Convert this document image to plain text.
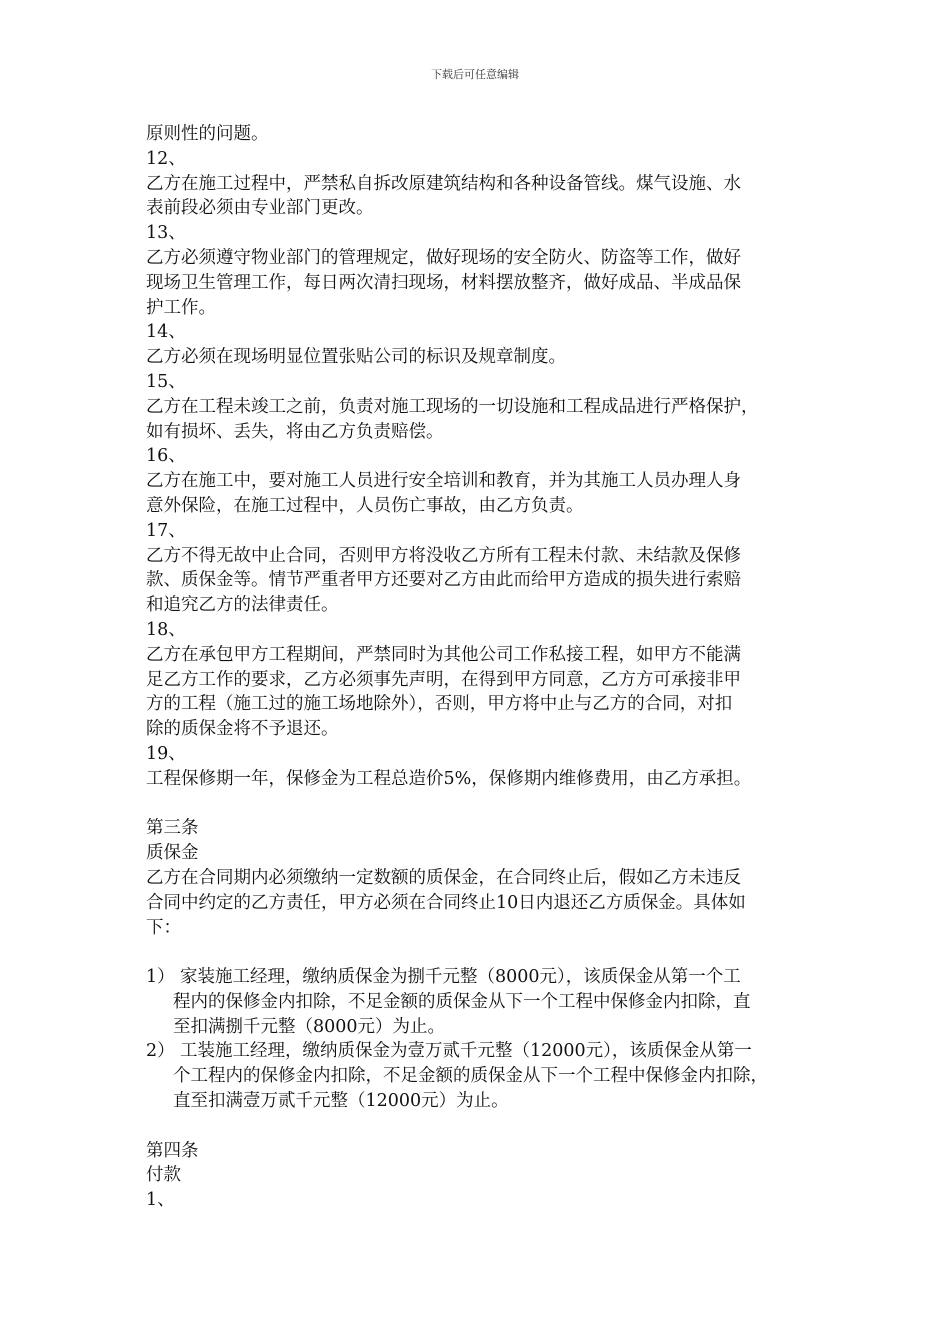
下载后可任意编辑
原则性的问题。
12、
乙方在施工过程中，严禁私自拆改原建筑结构和各种设备管线。煤气设施、水
表前段必须由专业部门更改。
13、
乙方必须遵守物业部门的管理规定，做好现场的安全防火、防盗等工作，做好
现场卫生管理工作，每日两次清扫现场，材料摆放整齐，做好成品、半成品保
护工作。
14、
乙方必须在现场明显位置张贴公司的标识及规章制度。
15、
乙方在工程未竣工之前，负责对施工现场的一切设施和工程成品进行严格保护，
如有损坏、丢失，将由乙方负责赔偿。
16、
乙方在施工中，要对施工人员进行安全培训和教育，并为其施工人员办理人身
意外保险，在施工过程中，人员伤亡事故，由乙方负责。
17、
乙方不得无故中止合同，否则甲方将没收乙方所有工程未付款、未结款及保修
款、质保金等。情节严重者甲方还要对乙方由此而给甲方造成的损失进行索赔
和追究乙方的法律责任。
18、
乙方在承包甲方工程期间，严禁同时为其他公司工作私接工程，如甲方不能满
足乙方工作的要求，乙方必须事先声明，在得到甲方同意，乙方方可承接非甲
方的工程（施工过的施工场地除外），否则，甲方将中止与乙方的合同，对扣
除的质保金将不予退还。
19、
工程保修期一年，保修金为工程总造价5%，保修期内维修费用，由乙方承担。
第三条
质保金
乙方在合同期内必须缴纳一定数额的质保金，在合同终止后，假如乙方未违反
合同中约定的乙方责任，甲方必须在合同终止10日内退还乙方质保金。具体如
下：
1） 家装施工经理，缴纳质保金为捌千元整（8000元），该质保金从第一个工
程内的保修金内扣除，不足金额的质保金从下一个工程中保修金内扣除，直
至扣满捌千元整（8000元）为止。
2） 工装施工经理，缴纳质保金为壹万贰千元整（12000元），该质保金从第一
个工程内的保修金内扣除，不足金额的质保金从下一个工程中保修金内扣除，
直至扣满壹万贰千元整（12000元）为止。
第四条
付款
1、
